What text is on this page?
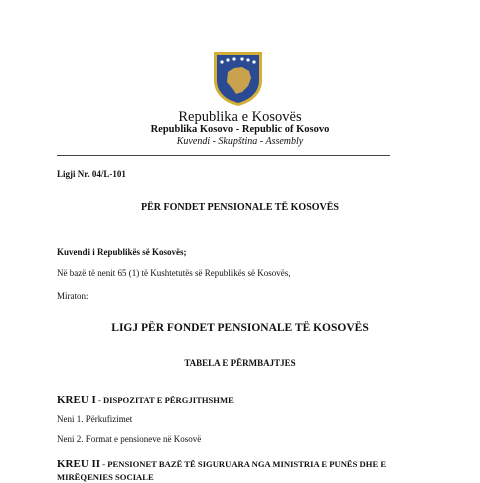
Republika e Kosovës
Republika Kosovo - Republic of Kosovo
Kuvendi - Skupština - Assembly
Ligji Nr. 04/L-101
PËR FONDET PENSIONALE TË KOSOVËS
Kuvendi i Republikës së Kosovës;
Në bazë të nenit 65 (1) të Kushtetutës së Republikës së Kosovës,
Miraton:
LIGJ PËR FONDET PENSIONALE TË KOSOVËS
TABELA E PËRMBAJTJES
KREU I - DISPOZITAT E PËRGJITHSHME
Neni 1. Përkufizimet
Neni 2. Format e pensioneve në Kosovë
KREU II - PENSIONET BAZË TË SIGURUARA NGA MINISTRIA E PUNËS DHE E MIRËQENIES SOCIALE
